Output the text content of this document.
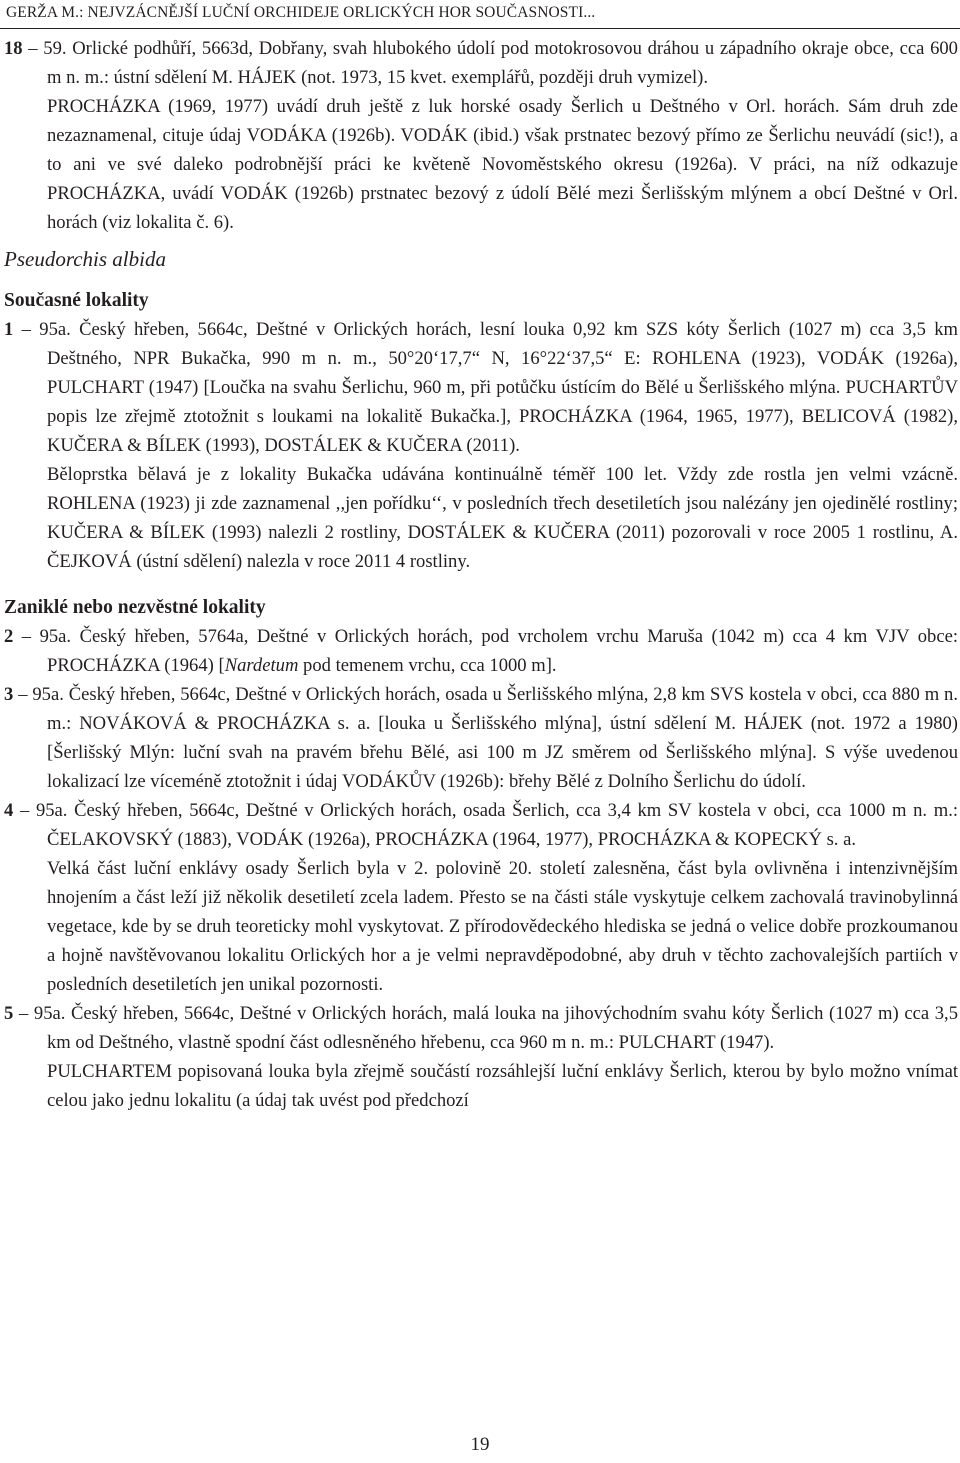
GERŽA M.: NEJVZÁCNĚJŠÍ LUČNÍ ORCHIDEJE ORLICKÝCH HOR SOUČASNOSTI...

18 – 59. Orlické podhůří, 5663d, Dobřany, svah hlubokého údolí pod motokrosovou dráhou u západního okraje obce, cca 600 m n. m.: ústní sdělení M. HÁJEK (not. 1973, 15 kvet. exemplářů, později druh vymizel).

PROCHÁZKA (1969, 1977) uvádí druh ještě z luk horské osady Šerlich u Deštného v Orl. horách. Sám druh zde nezaznamenal, cituje údaj VODÁKA (1926b). VODÁK (ibid.) však prstnatec bezový přímo ze Šerlichu neuvádí (sic!), a to ani ve své daleko podrobnější práci ke květeně Novoměstského okresu (1926a). V práci, na níž odkazuje PROCHÁZKA, uvádí VODÁK (1926b) prstnatec bezový z údolí Bělé mezi Šerlišským mlýnem a obcí Deštné v Orl. horách (viz lokalita č. 6).

Pseudorchis albida

Současné lokality

1 – 95a. Český hřeben, 5664c, Deštné v Orlických horách, lesní louka 0,92 km SZS kóty Šerlich (1027 m) cca 3,5 km Deštného, NPR Bukačka, 990 m n. m., 50°20‘17,7“ N, 16°22‘37,5“ E: ROHLENA (1923), VODÁK (1926a), PULCHART (1947) [Loučka na svahu Šerlichu, 960 m, při potůčku ústícím do Bělé u Šerlišského mlýna. PUCHARTŮV popis lze zřejmě ztotožnit s loukami na lokalitě Bukačka.], PROCHÁZKA (1964, 1965, 1977), BELICOVÁ (1982), KUČERA & BÍLEK (1993), DOSTÁLEK & KUČERA (2011).

Běloprstka bělavá je z lokality Bukačka udávána kontinuálně téměř 100 let. Vždy zde rostla jen velmi vzácně. ROHLENA (1923) ji zde zaznamenal ,,jen pořídku‘‘, v posledních třech desetiletích jsou nalézány jen ojedinělé rostliny; KUČERA & BÍLEK (1993) nalezli 2 rostliny, DOSTÁLEK & KUČERA (2011) pozorovali v roce 2005 1 rostlinu, A. ČEJKOVÁ (ústní sdělení) nalezla v roce 2011 4 rostliny.

Zaniklé nebo nezvěstné lokality

2 – 95a. Český hřeben, 5764a, Deštné v Orlických horách, pod vrcholem vrchu Maruša (1042 m) cca 4 km VJV obce: PROCHÁZKA (1964) [Nardetum pod temenem vrchu, cca 1000 m].

3 – 95a. Český hřeben, 5664c, Deštné v Orlických horách, osada u Šerlišského mlýna, 2,8 km SVS kostela v obci, cca 880 m n. m.: NOVÁKOVÁ & PROCHÁZKA s. a. [louka u Šerlišského mlýna], ústní sdělení M. HÁJEK (not. 1972 a 1980) [Šerlišský Mlýn: luční svah na pravém břehu Bělé, asi 100 m JZ směrem od Šerlišského mlýna]. S výše uvedenou lokalizací lze víceméně ztotožnit i údaj VODÁKŮV (1926b): břehy Bělé z Dolního Šerlichu do údolí.

4 – 95a. Český hřeben, 5664c, Deštné v Orlických horách, osada Šerlich, cca 3,4 km SV kostela v obci, cca 1000 m n. m.: ČELAKOVSKÝ (1883), VODÁK (1926a), PROCHÁZKA (1964, 1977), PROCHÁZKA & KOPECKÝ s. a.

Velká část luční enklávy osady Šerlich byla v 2. polovině 20. století zalesněna, část byla ovlivněna i intenzivnějším hnojením a část leží již několik desetiletí zcela ladem. Přesto se na části stále vyskytuje celkem zachovalá travinobylinná vegetace, kde by se druh teoreticky mohl vyskytovat. Z přírodovědeckého hlediska se jedná o velice dobře prozkoumanou a hojně navštěvovanou lokalitu Orlických hor a je velmi nepravděpodobné, aby druh v těchto zachovalejších partiích v posledních desetiletích jen unikal pozornosti.

5 – 95a. Český hřeben, 5664c, Deštné v Orlických horách, malá louka na jihovýchodním svahu kóty Šerlich (1027 m) cca 3,5 km od Deštného, vlastně spodní část odlesněného hřebenu, cca 960 m n. m.: PULCHART (1947).

PULCHARTEM popisovaná louka byla zřejmě součástí rozsáhlejší luční enklávy Šerlich, kterou by bylo možno vnímat celou jako jednu lokalitu (a údaj tak uvést pod předchozí

19
